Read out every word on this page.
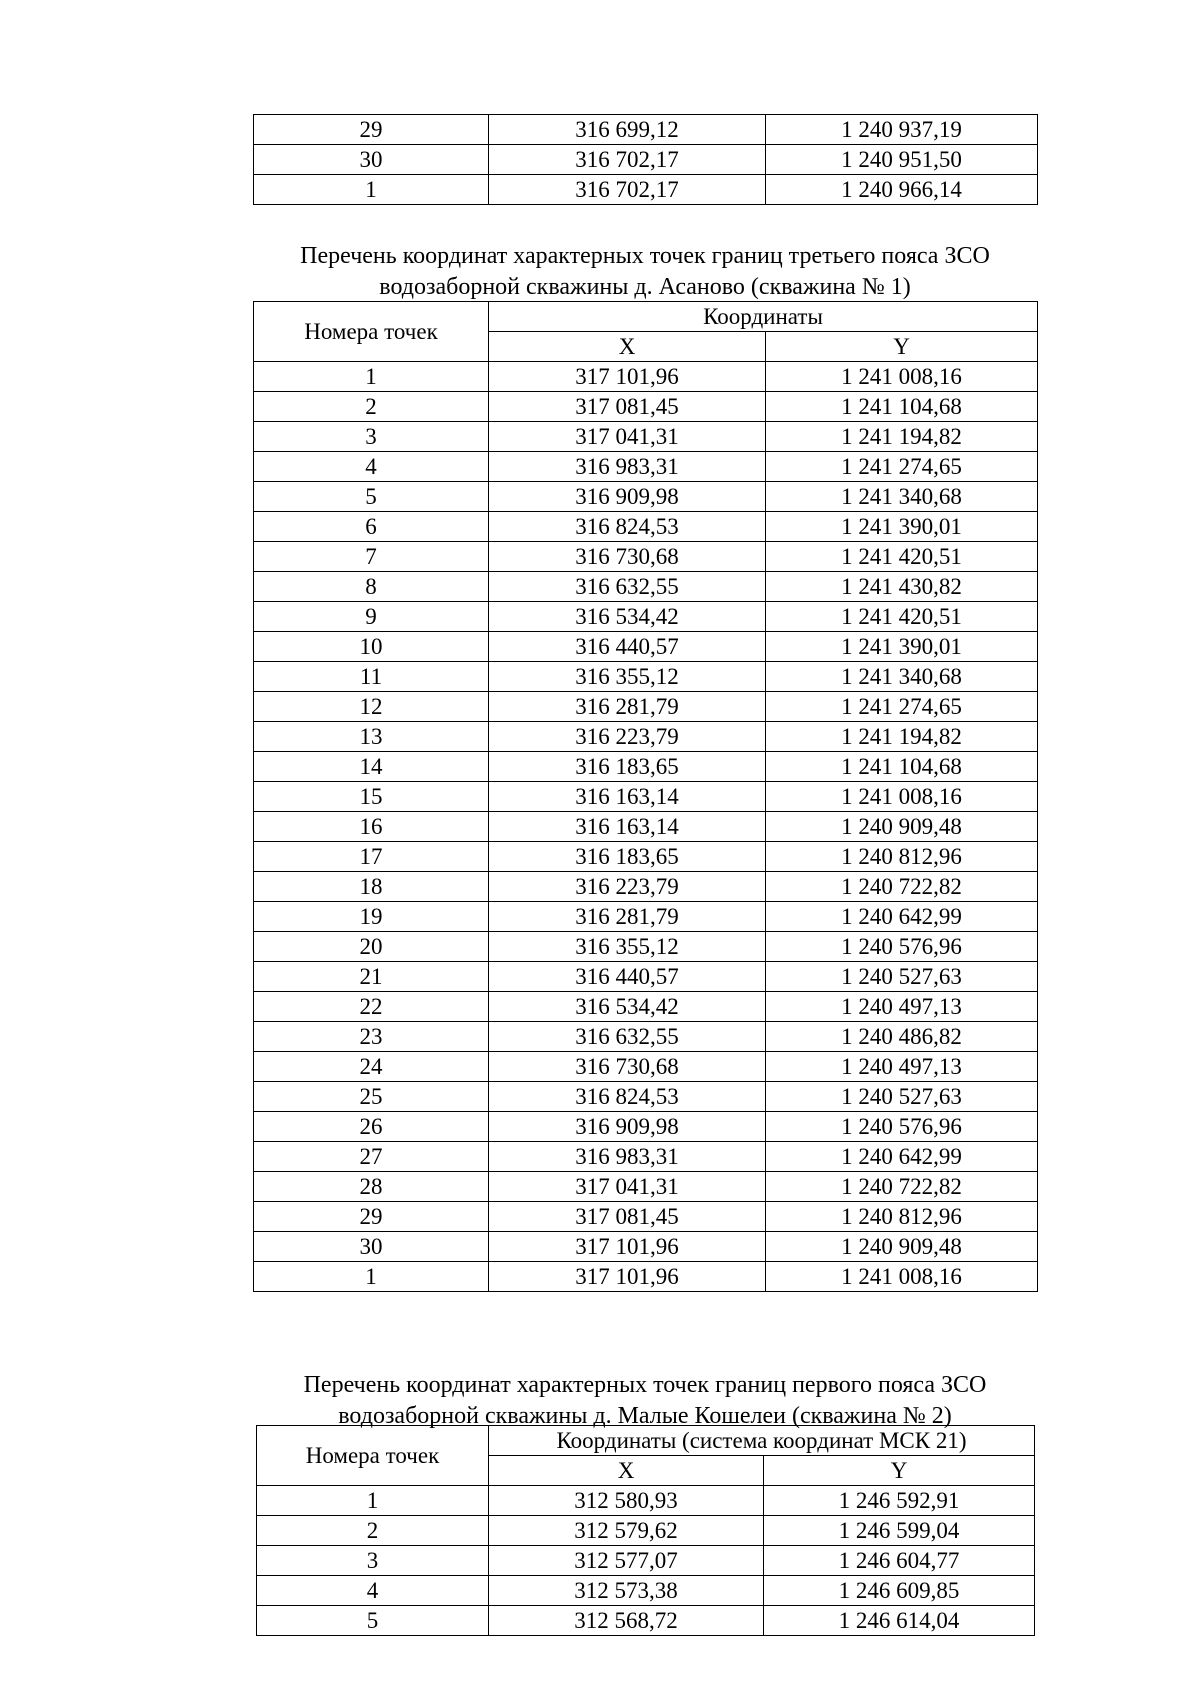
29	316 699,12	1 240 937,19
30	316 702,17	1 240 951,50
1	316 702,17	1 240 966,14
Перечень координат характерных точек границ третьего пояса ЗСО
водозаборной скважины д. Асаново (скважина № 1)
Номера точек	Координаты	
	X	Y
1	317 101,96	1 241 008,16
2	317 081,45	1 241 104,68
3	317 041,31	1 241 194,82
4	316 983,31	1 241 274,65
5	316 909,98	1 241 340,68
6	316 824,53	1 241 390,01
7	316 730,68	1 241 420,51
8	316 632,55	1 241 430,82
9	316 534,42	1 241 420,51
10	316 440,57	1 241 390,01
11	316 355,12	1 241 340,68
12	316 281,79	1 241 274,65
13	316 223,79	1 241 194,82
14	316 183,65	1 241 104,68
15	316 163,14	1 241 008,16
16	316 163,14	1 240 909,48
17	316 183,65	1 240 812,96
18	316 223,79	1 240 722,82
19	316 281,79	1 240 642,99
20	316 355,12	1 240 576,96
21	316 440,57	1 240 527,63
22	316 534,42	1 240 497,13
23	316 632,55	1 240 486,82
24	316 730,68	1 240 497,13
25	316 824,53	1 240 527,63
26	316 909,98	1 240 576,96
27	316 983,31	1 240 642,99
28	317 041,31	1 240 722,82
29	317 081,45	1 240 812,96
30	317 101,96	1 240 909,48
1	317 101,96	1 241 008,16
Перечень координат характерных точек границ первого пояса ЗСО
водозаборной скважины д. Малые Кошелеи (скважина № 2)
Номера точек	Координаты (система координат МСК 21)	
	X	Y
1	312 580,93	1 246 592,91
2	312 579,62	1 246 599,04
3	312 577,07	1 246 604,77
4	312 573,38	1 246 609,85
5	312 568,72	1 246 614,04
